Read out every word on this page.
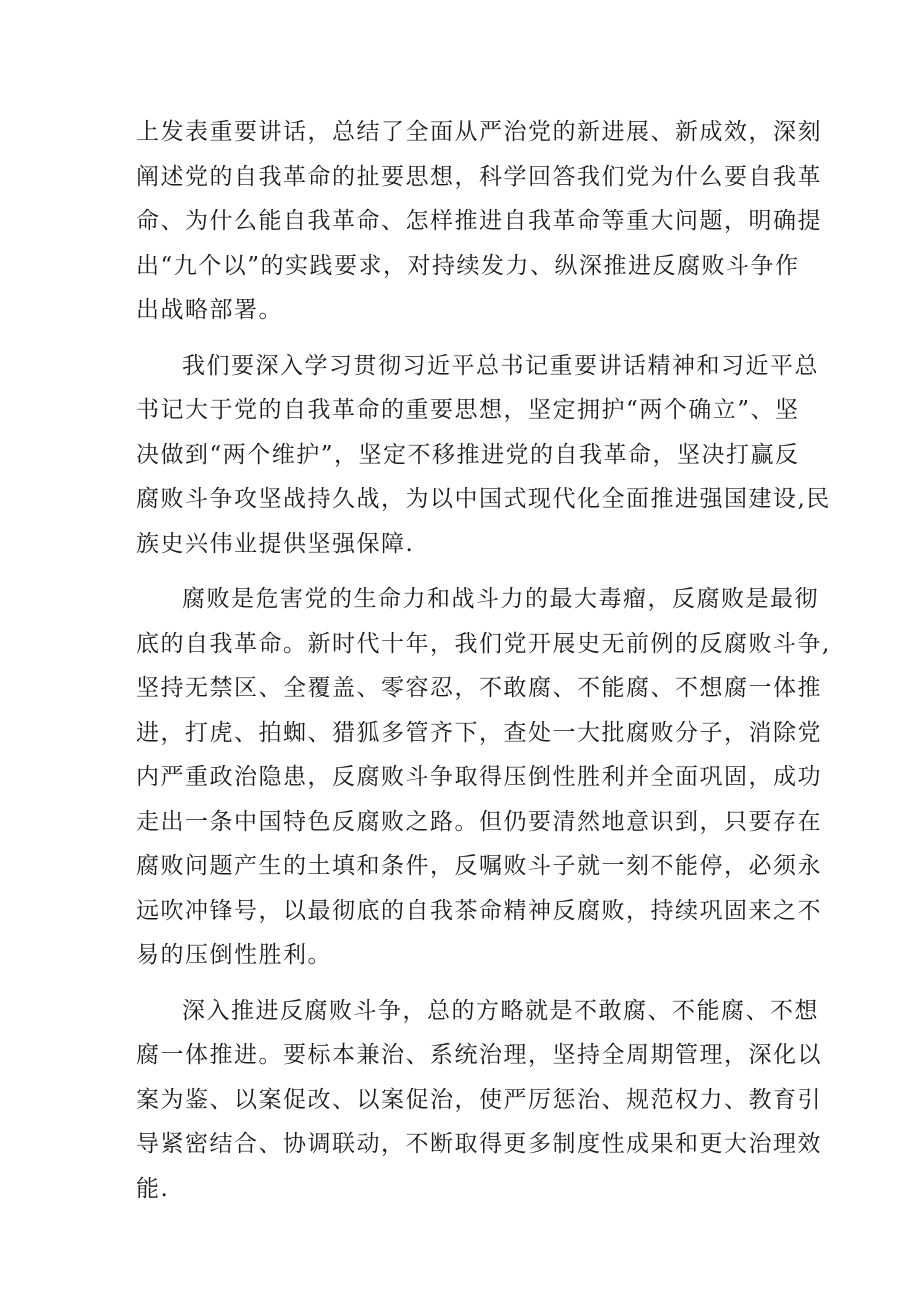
上发表重要讲话，总结了全面从严治党的新进展、新成效，深刻
阐述党的自我革命的扯要思想，科学回答我们党为什么要自我革
命、为什么能自我革命、怎样推进自我革命等重大问题，明确提
出“九个以”的实践要求，对持续发力、纵深推进反腐败斗争作
出战略部署。
我们要深入学习贯彻习近平总书记重要讲话精神和习近平总
书记大于党的自我革命的重要思想，坚定拥护“两个确立”、坚
决做到“两个维护”，坚定不移推进党的自我革命，坚决打赢反
腐败斗争攻坚战持久战，为以中国式现代化全面推进强国建设,民
族史兴伟业提供坚强保障.
腐败是危害党的生命力和战斗力的最大毒瘤，反腐败是最彻
底的自我革命。新时代十年，我们党开展史无前例的反腐败斗争,
坚持无禁区、全覆盖、零容忍，不敢腐、不能腐、不想腐一体推
进，打虎、拍蜘、猎狐多管齐下，查处一大批腐败分子，消除党
内严重政治隐患，反腐败斗争取得压倒性胜利并全面巩固，成功
走出一条中国特色反腐败之路。但仍要清然地意识到，只要存在
腐败问题产生的土填和条件，反嘱败斗子就一刻不能停，必须永
远吹冲锋号，以最彻底的自我茶命精神反腐败，持续巩固来之不
易的压倒性胜利。
深入推进反腐败斗争，总的方略就是不敢腐、不能腐、不想
腐一体推进。要标本兼治、系统治理，坚持全周期管理，深化以
案为鉴、以案促改、以案促治，使严厉惩治、规范权力、教育引
导紧密结合、协调联动，不断取得更多制度性成果和更大治理效
能.
